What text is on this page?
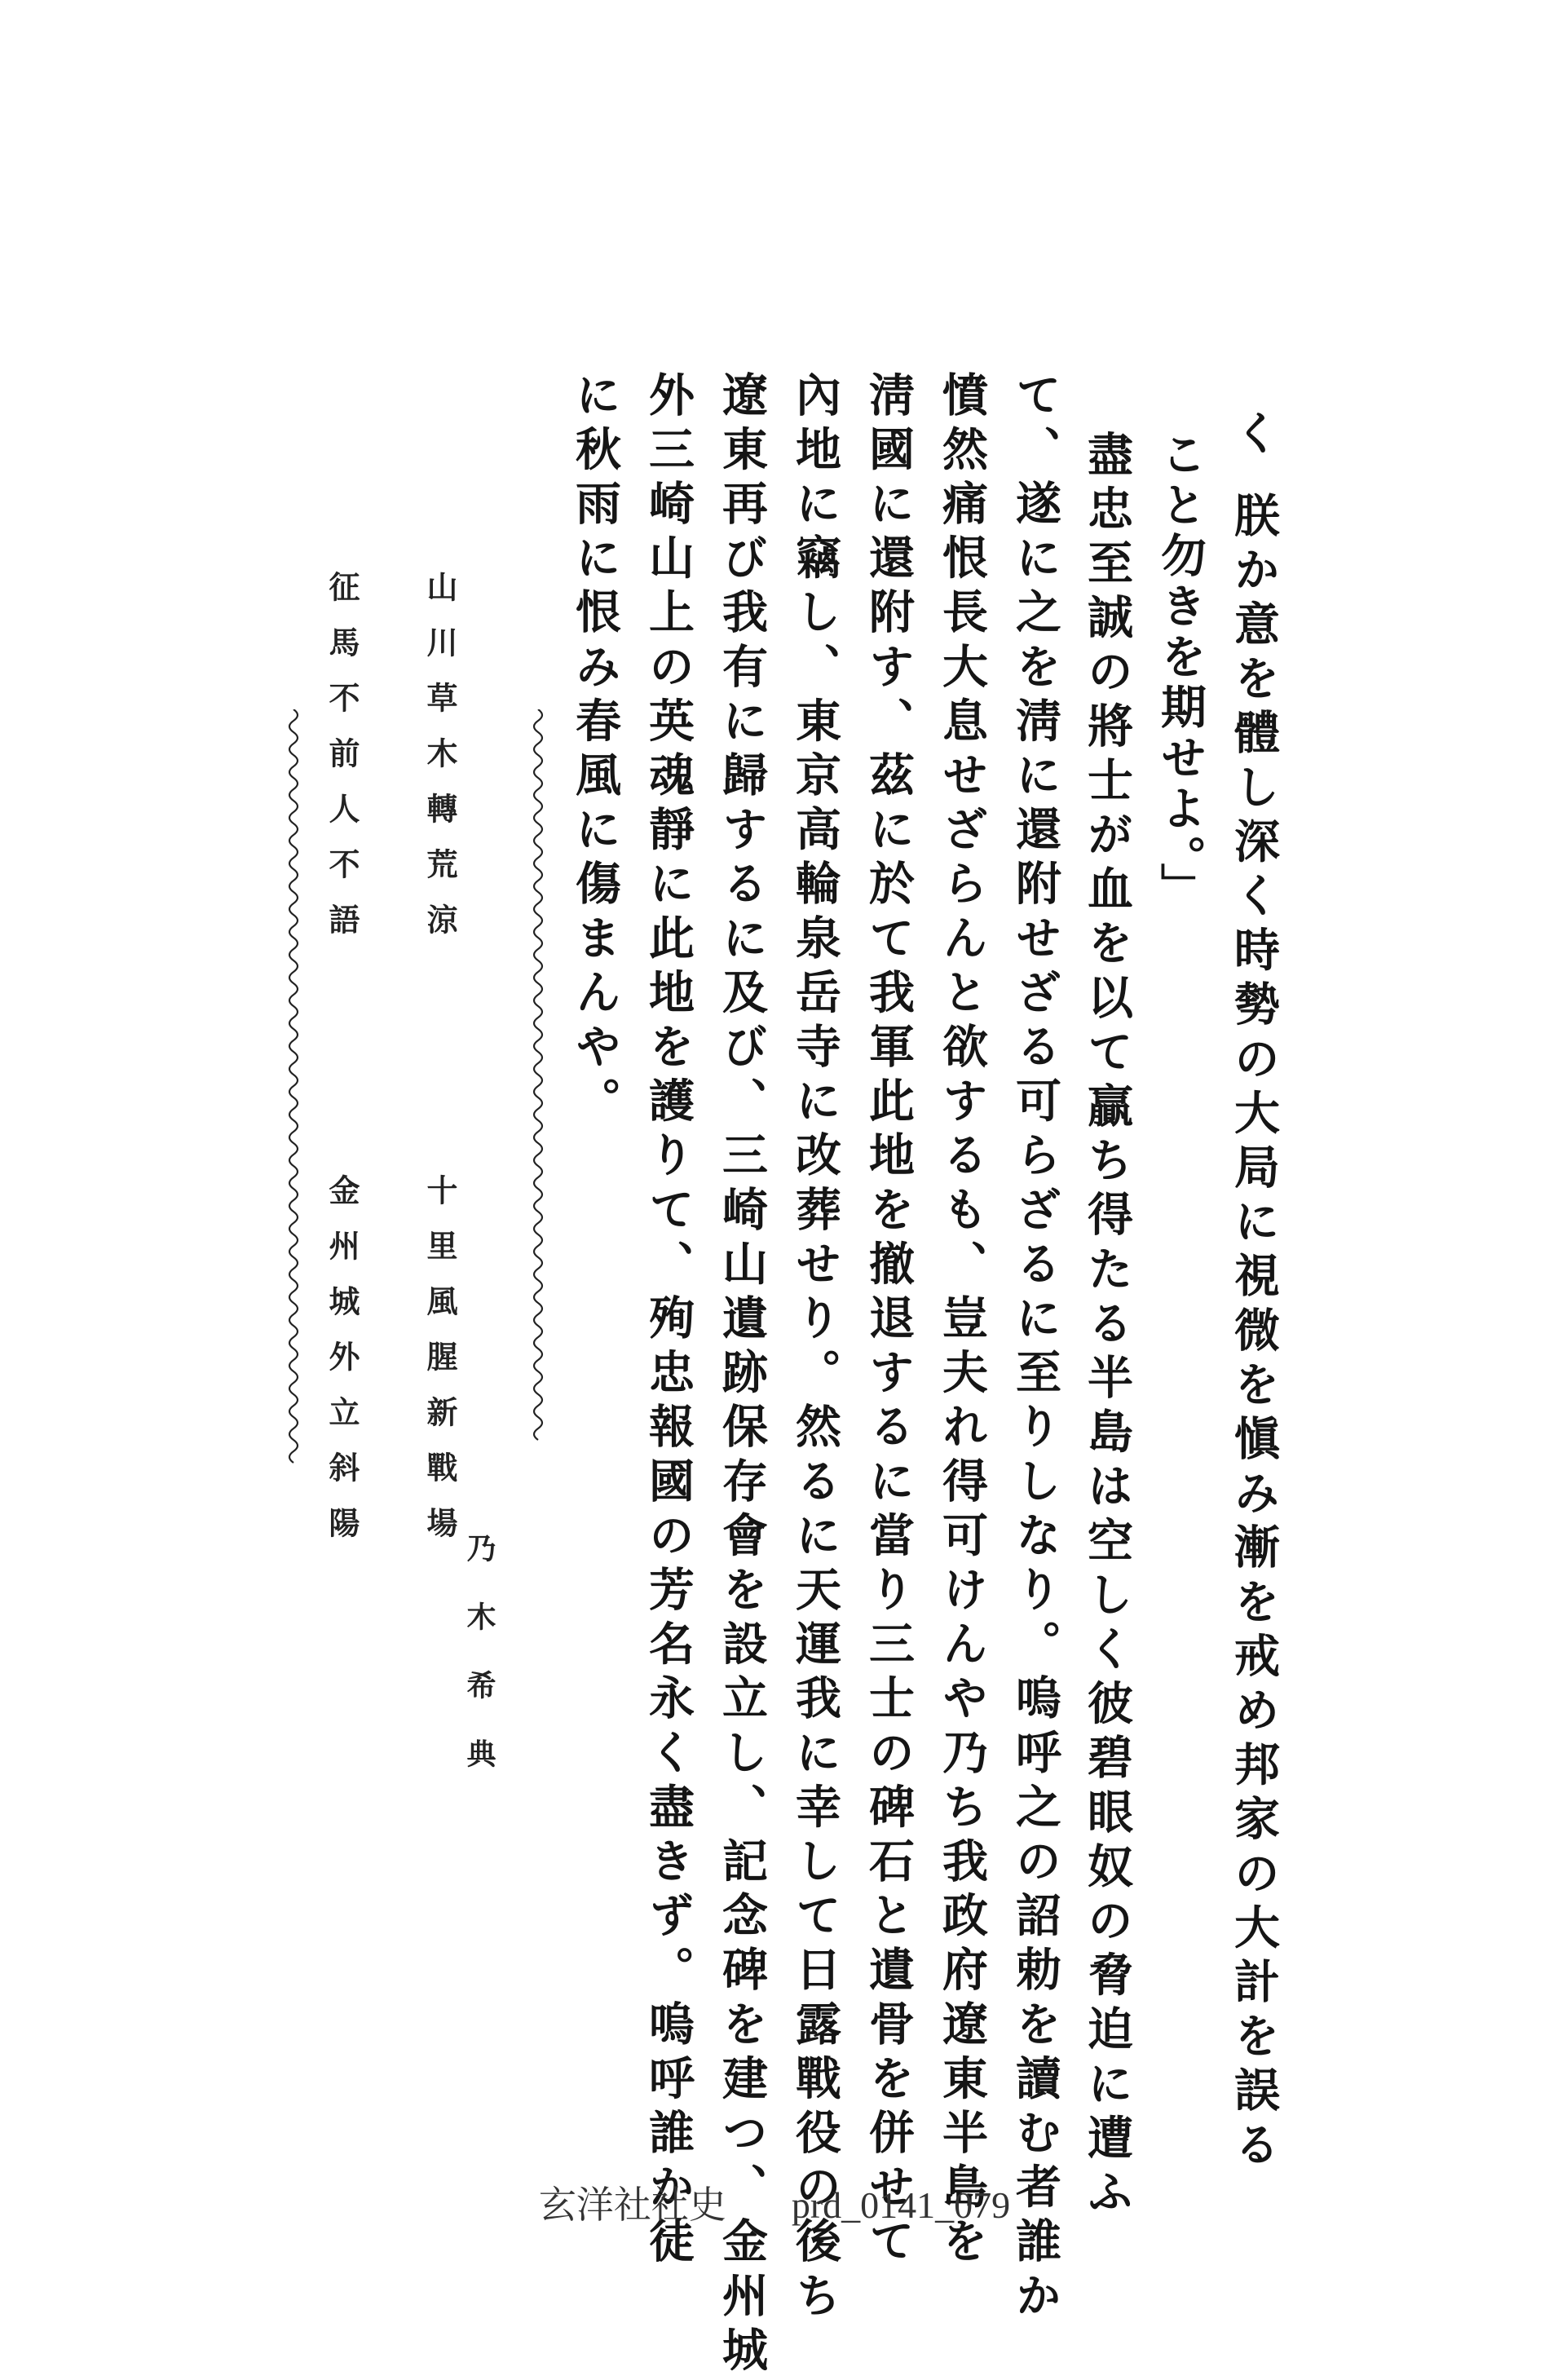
く
朕か意を體し深く時勢の大局に視微を愼み漸を戒め邦家の大計を誤る
こと勿きを期せよ。」
盡忠至誠の將士が血を以て贏ち得たる半島は空しく彼碧眼奴の脅迫に遭ふ
て、遂に之を淸に還附せざる可らざるに至りしなり。嗚呼之の詔勅を讀む者誰か
憤然痛恨長大息せざらんと欲するも、豈夫れ得可けんや乃ち我政府遼東半島を
淸國に還附す、茲に於て我軍此地を撤退するに當り三士の碑石と遺骨を併せて
內地に竊し、東京高輪泉岳寺に改葬せり。然るに天運我に幸して日露戰役の後ち
遼東再び我有に歸するに及び、三崎山遺跡保存會を設立し、記念碑を建つ、金州城
外三崎山上の英魂靜に此地を護りて、殉忠報國の芳名永く盡きず。嗚呼誰か徒
に秋雨に恨み春風に傷まんや。
乃木希典
山川草木轉荒涼
十里風腥新戰場
征馬不前人不語
金州城外立斜陽
玄洋社社史 prd_0141_079
